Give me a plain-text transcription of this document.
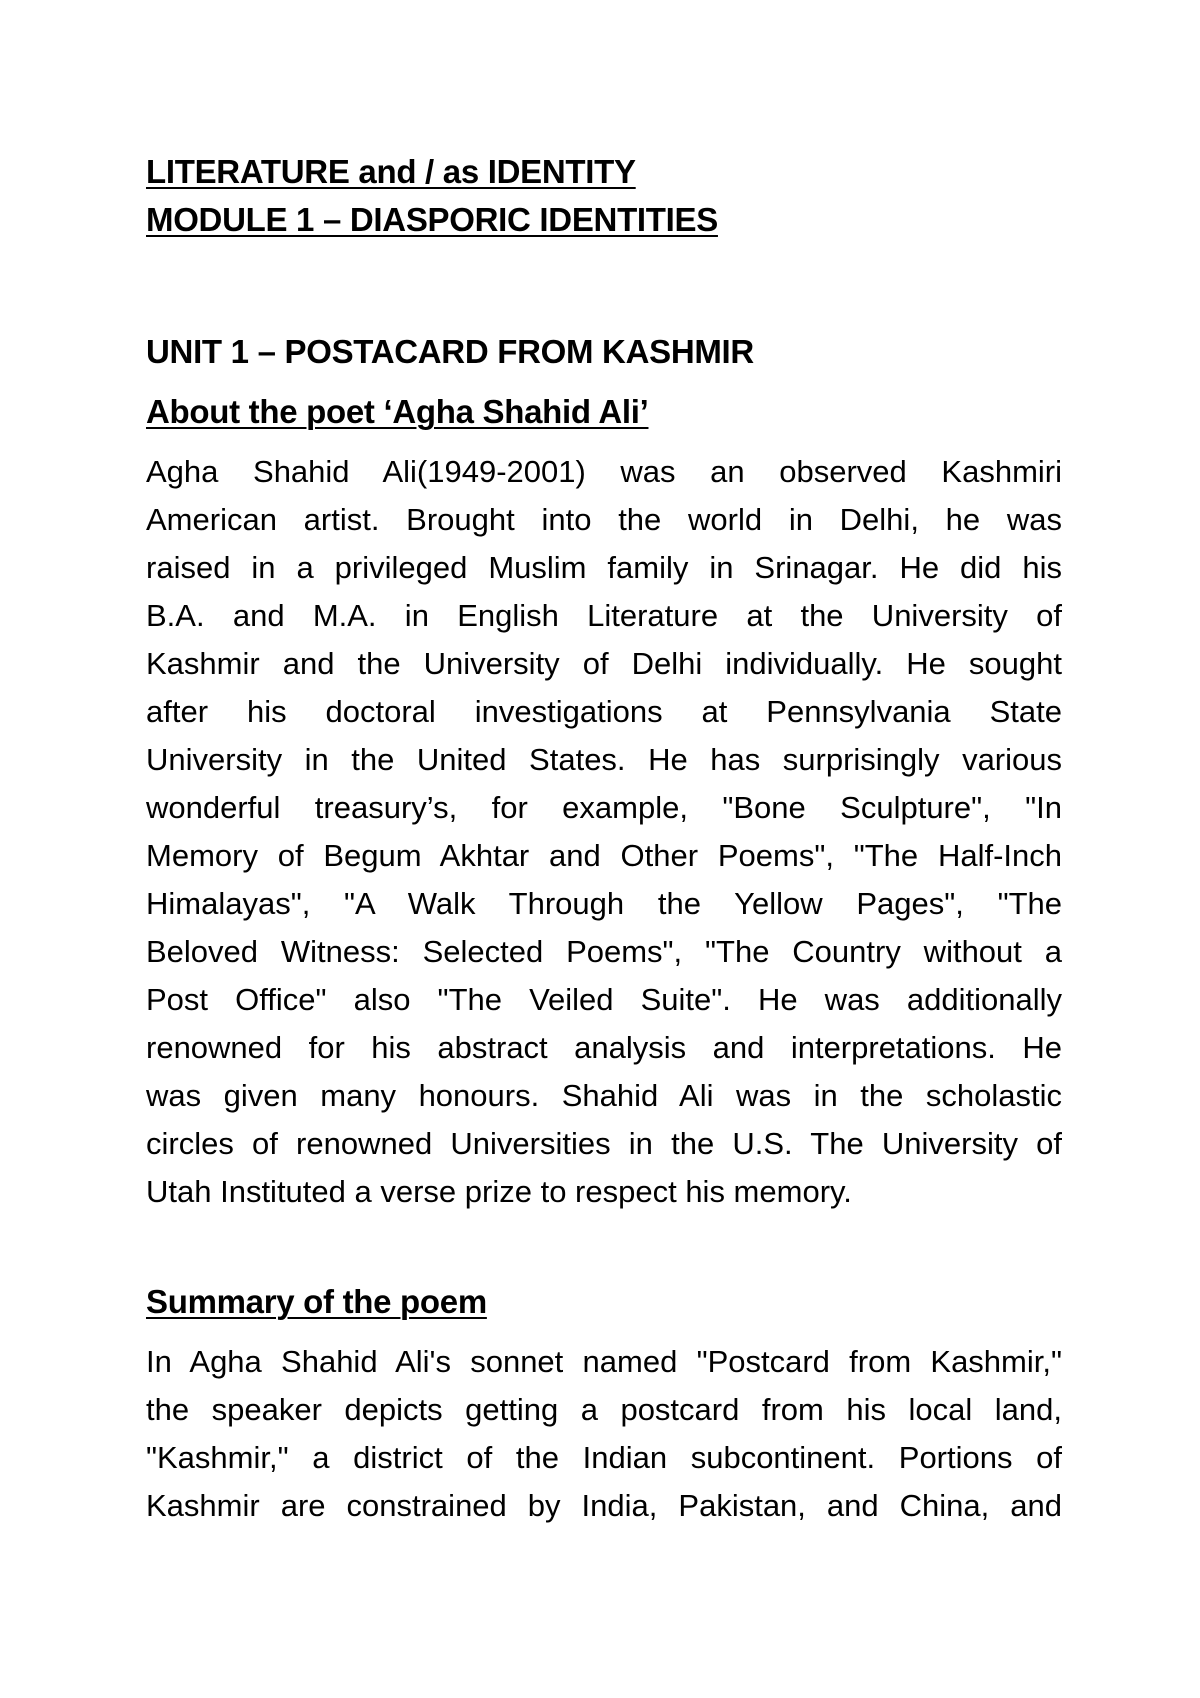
LITERATURE and / as IDENTITY
MODULE 1 – DIASPORIC IDENTITIES
UNIT 1 – POSTACARD FROM KASHMIR
About the poet ‘Agha Shahid Ali’
Agha Shahid Ali(1949-2001) was an observed Kashmiri
American artist. Brought into the world in Delhi, he was
raised in a privileged Muslim family in Srinagar. He did his
B.A. and M.A. in English Literature at the University of
Kashmir and the University of Delhi individually. He sought
after his doctoral investigations at Pennsylvania State
University in the United States. He has surprisingly various
wonderful treasury’s, for example, "Bone Sculpture", "In
Memory of Begum Akhtar and Other Poems", "The Half-Inch
Himalayas", "A Walk Through the Yellow Pages", "The
Beloved Witness: Selected Poems", "The Country without a
Post Office" also "The Veiled Suite". He was additionally
renowned for his abstract analysis and interpretations. He
was given many honours. Shahid Ali was in the scholastic
circles of renowned Universities in the U.S. The University of
Utah Instituted a verse prize to respect his memory.
Summary of the poem
In Agha Shahid Ali's sonnet named "Postcard from Kashmir,"
the speaker depicts getting a postcard from his local land,
"Kashmir," a district of the Indian subcontinent. Portions of
Kashmir are constrained by India, Pakistan, and China, and
